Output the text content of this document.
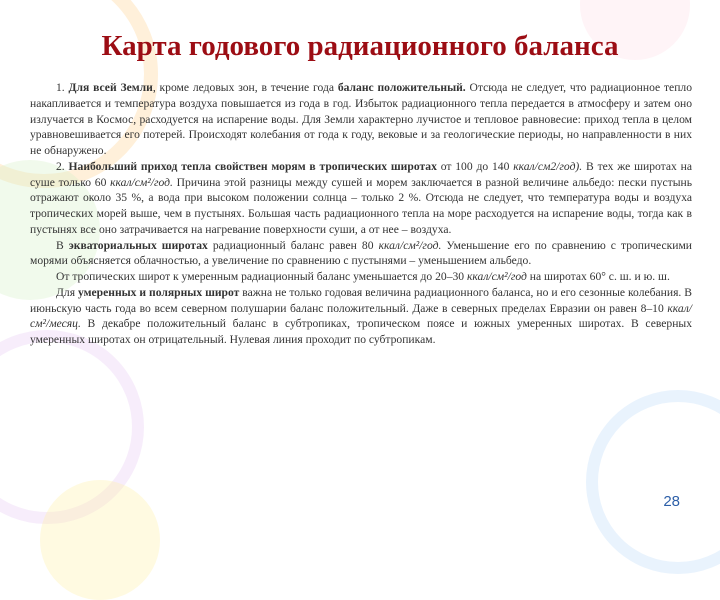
Карта годового радиационного баланса

1. Для всей Земли, кроме ледовых зон, в течение года баланс положительный. Отсюда не следует, что радиационное тепло накапливается и температура воздуха повышается из года в год. Избыток радиационного тепла передается в атмосферу и затем оно излучается в Космос, расходуется на испарение воды. Для Земли характерно лучистое и тепловое равновесие: приход тепла в целом уравновешивается его потерей. Происходят колебания от года к году, вековые и за геологические периоды, но направленности в них не обнаружено.

2. Наибольший приход тепла свойствен морям в тропических широтах от 100 до 140 ккал/см2/год). В тех же широтах на суше только 60 ккал/см²/год. Причина этой разницы между сушей и морем заключается в разной величине альбедо: пески пустынь отражают около 35 %, а вода при высоком положении солнца – только 2 %. Отсюда не следует, что температура воды и воздуха тропических морей выше, чем в пустынях. Большая часть радиационного тепла на море расходуется на испарение воды, тогда как в пустынях все оно затрачивается на нагревание поверхности суши, а от нее – воздуха.

В экваториальных широтах радиационный баланс равен 80 ккал/см²/год. Уменьшение его по сравнению с тропическими морями объясняется облачностью, а увеличение по сравнению с пустынями – уменьшением альбедо.

От тропических широт к умеренным радиационный баланс уменьшается до 20–30 ккал/см²/год на широтах 60° с. ш. и ю. ш.

Для умеренных и полярных широт важна не только годовая величина радиационного баланса, но и его сезонные колебания. В июньскую часть года во всем северном полушарии баланс положительный. Даже в северных пределах Евразии он равен 8–10 ккал/см²/месяц. В декабре положительный баланс в субтропиках, тропическом поясе и южных умеренных широтах. В северных умеренных широтах он отрицательный. Нулевая линия проходит по субтропикам.

28
